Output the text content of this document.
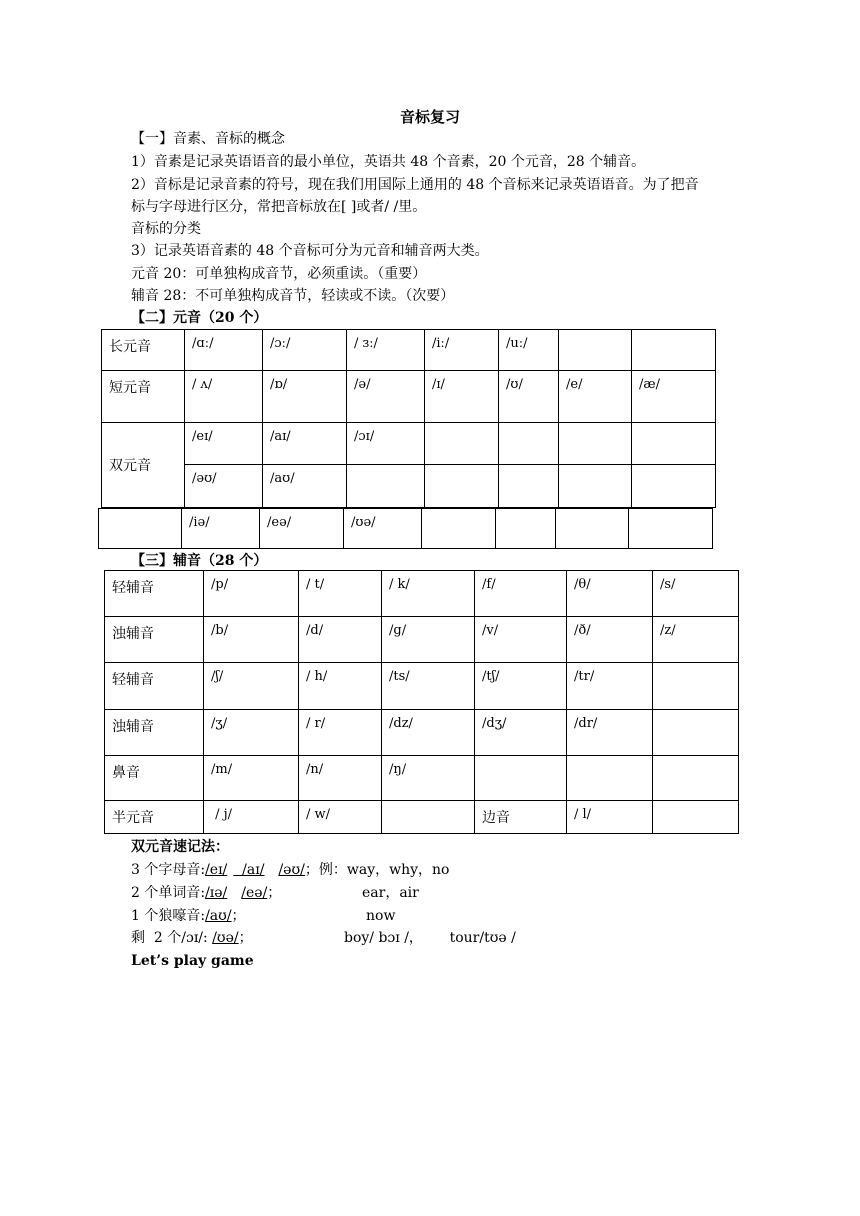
音标复习
【一】音素、音标的概念
1）音素是记录英语语音的最小单位，英语共 48 个音素，20 个元音，28 个辅音。
2）音标是记录音素的符号，现在我们用国际上通用的 48 个音标来记录英语语音。为了把音
标与字母进行区分，常把音标放在[ ]或者/ /里。
音标的分类
3）记录英语音素的 48 个音标可分为元音和辅音两大类。
元音 20：可单独构成音节，必须重读。（重要）
辅音 28：不可单独构成音节，轻读或不读。（次要）
【二】元音（20 个）
长元音	/ɑː/	/ɔː/	/ ɜː/	/iː/	/uː/		
短元音	/ ʌ/	/ɒ/	/ə/	/ɪ/	/ʊ/	/e/	/æ/
双元音	/eɪ/	/aɪ/	/ɔɪ/				
	/əʊ/	/aʊ/					
	/iə/	/eə/	/ʊə/				
【三】辅音（28 个）
轻辅音	/p/	/ t/	/ k/	/f/	/θ/	/s/
浊辅音	/b/	/d/	/g/	/v/	/ð/	/z/
轻辅音	/ʃ/	/ h/	/ts/	/tʃ/	/tr/	
浊辅音	/ʒ/	/ r/	/dz/	/dʒ/	/dr/	
鼻音	/m/	/n/	/ŋ/			
半元音	/ j/	/ w/		边音	/ l/	
双元音速记法：
3 个字母音:/eɪ/  /aɪ/ /əʊ/；例：way，why，no
2 个单词音:/ɪə/ /eə/；	ear，air
1 个狼嚎音:/aʊ/；	now
剩  2 个/ɔɪ/: /ʊə/；	boy/ bɔɪ /，      tour/tʊə /
Let’s play game
